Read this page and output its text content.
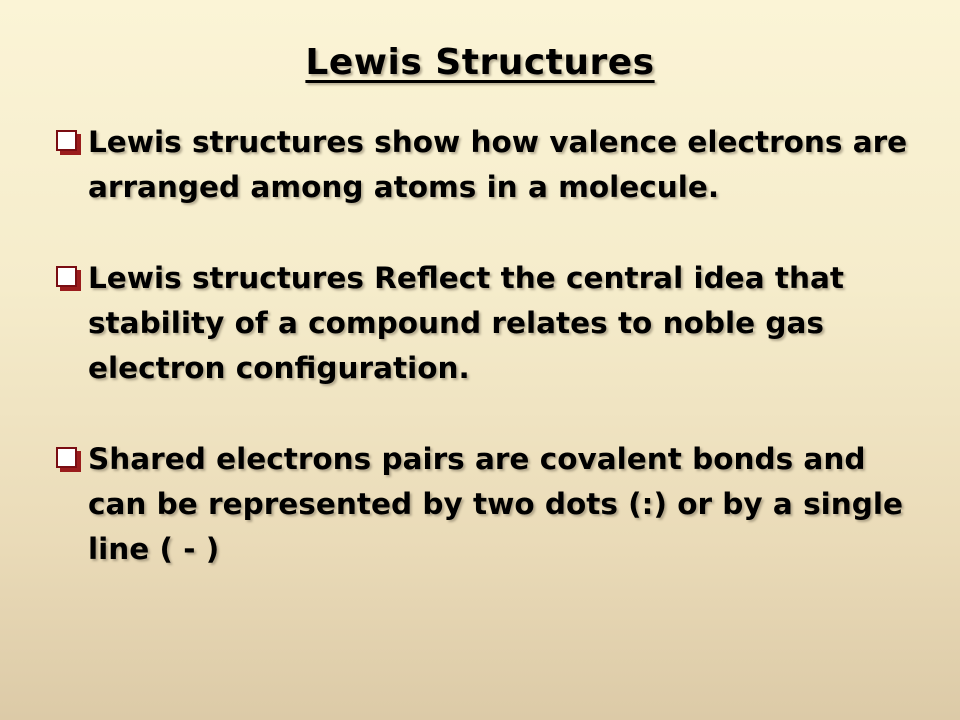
Lewis Structures
Lewis structures show how valence electrons are arranged among atoms in a molecule.
Lewis structures Reflect the central idea that stability of a compound relates to noble gas electron configuration.
Shared electrons pairs are covalent bonds and can be represented by two dots (:) or by a single line ( - )
